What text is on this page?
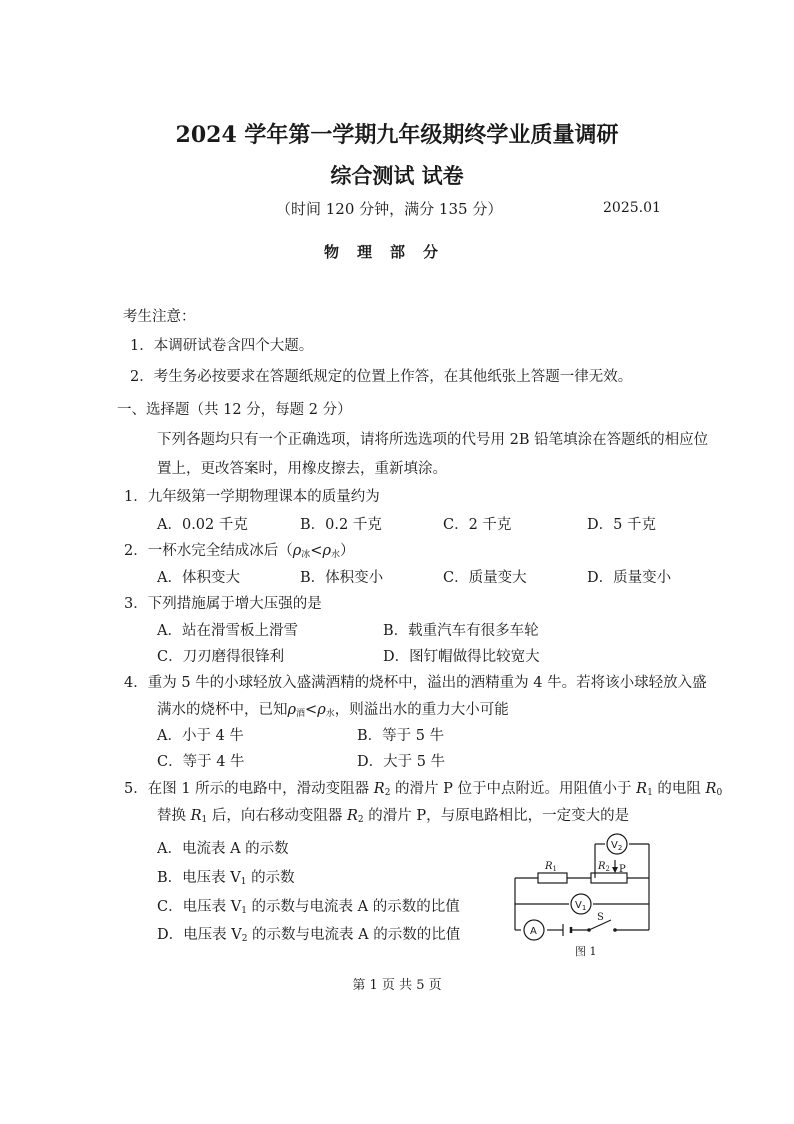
2024 学年第一学期九年级期终学业质量调研
综合测试 试卷
（时间 120 分钟，满分 135 分）	2025.01
物理部分
考生注意：
1．本调研试卷含四个大题。
2．考生务必按要求在答题纸规定的位置上作答，在其他纸张上答题一律无效。
一、选择题（共 12 分，每题 2 分）
下列各题均只有一个正确选项，请将所选选项的代号用 2B 铅笔填涂在答题纸的相应位
置上，更改答案时，用橡皮擦去，重新填涂。
1．九年级第一学期物理课本的质量约为
A．0.02 千克	B．0.2 千克	C．2 千克	D．5 千克
2．一杯水完全结成冰后$(\rho_冰<\rho_水)$
A．体积变大	B．体积变小	C．质量变大	D．质量变小
3．下列措施属于增大压强的是
A．站在滑雪板上滑雪	B．载重汽车有很多车轮
C．刀刃磨得很锋利	D．图钉帽做得比较宽大
4．重为 5 牛的小球轻放入盛满酒精的烧杯中，溢出的酒精重为 4 牛。若将该小球轻放入盛
满水的烧杯中，已知$\rho_酒<\rho_水$，则溢出水的重力大小可能
A．小于 4 牛	B．等于 5 牛
C．等于 4 牛	D．大于 5 牛
5．在图 1 所示的电路中，滑动变阻器 $R_2$ 的滑片 P 位于中点附近。用阻值小于 $R_1$ 的电阻 $R_0$
替换 $R_1$ 后，向右移动变阻器 $R_2$ 的滑片 P，与原电路相比，一定变大的是
A．电流表 A 的示数
B．电压表 $V_1$ 的示数
C．电压表 $V_1$ 的示数与电流表 A 的示数的比值
D．电压表 $V_2$ 的示数与电流表 A 的示数的比值
$R_1$	$R_2$ P
$V_2$
$V_1$
A
S
图 1
第 1 页 共 5 页
